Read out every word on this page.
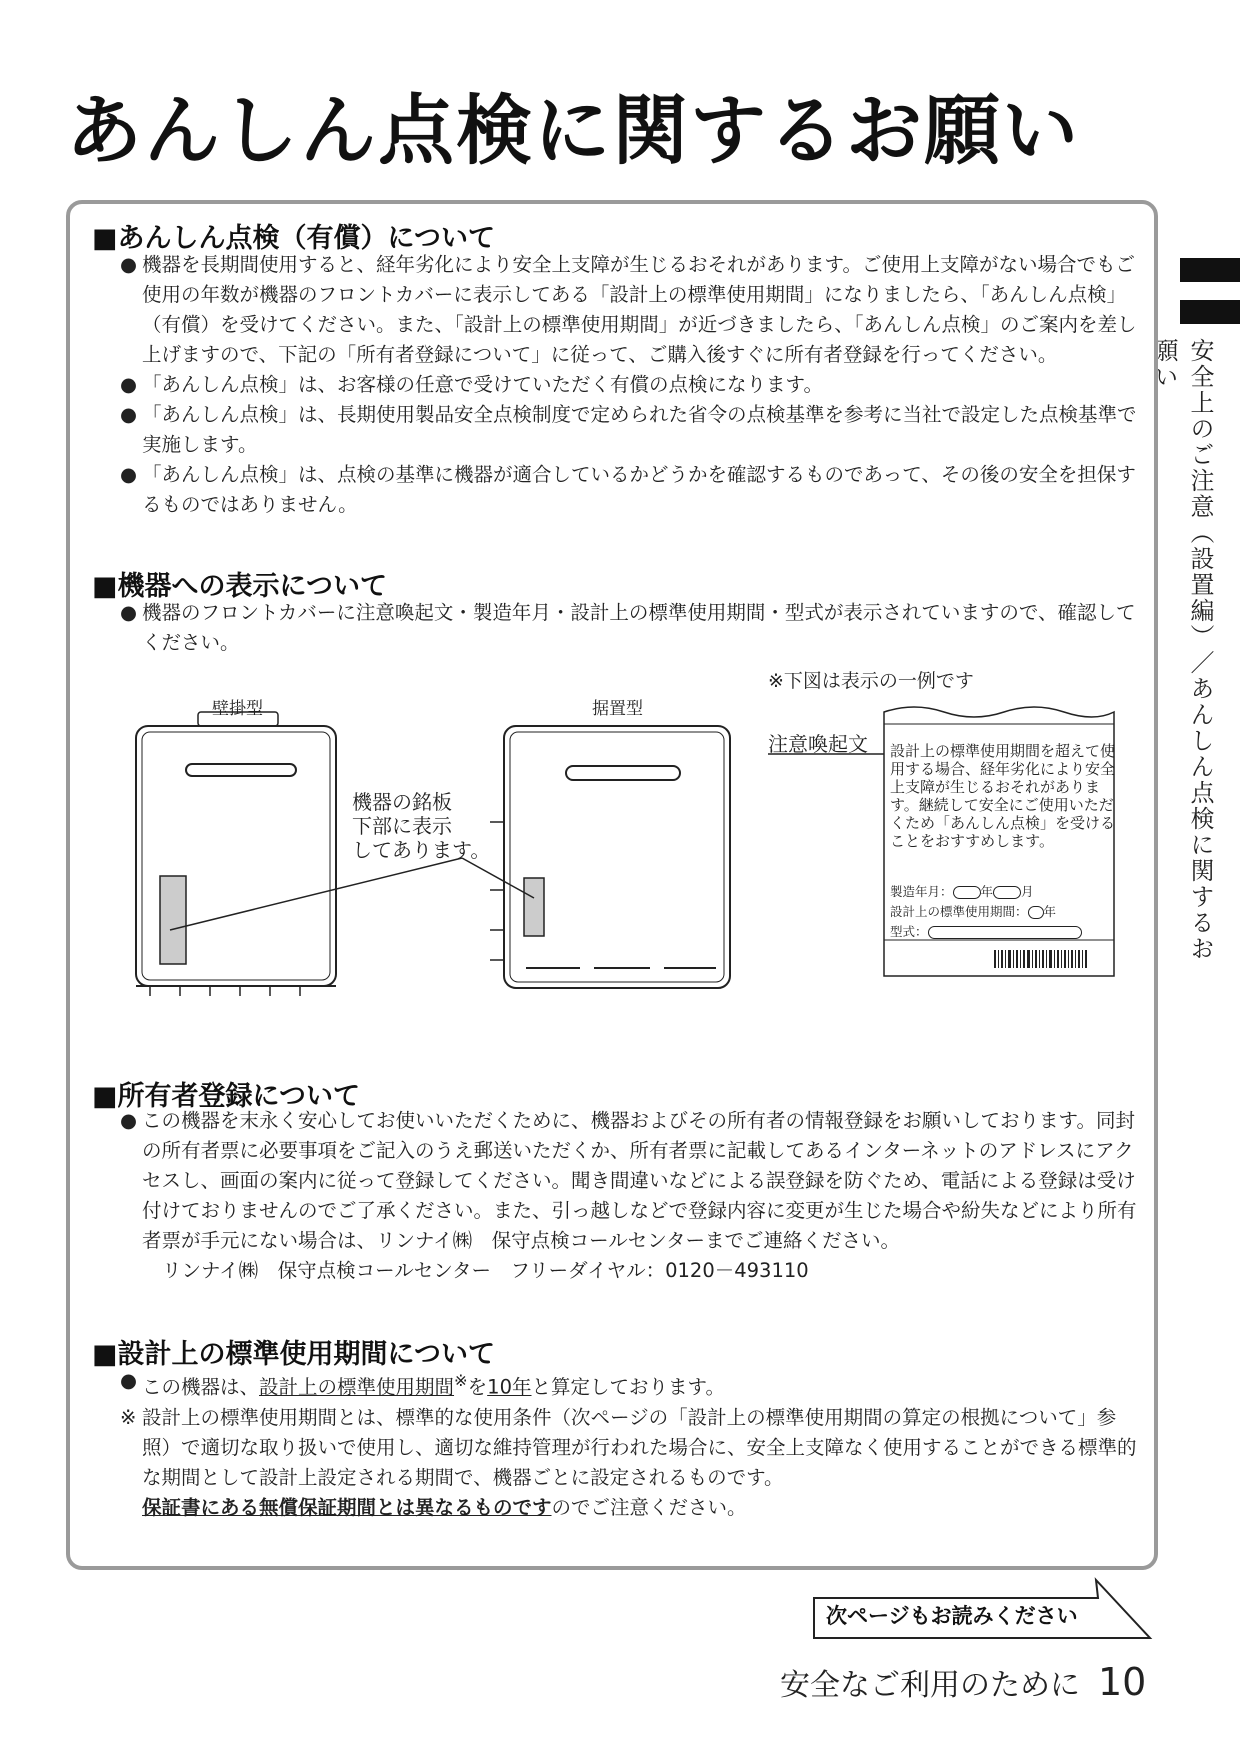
あんしん点検に関するお願い
安全上のご注意（設置編）／あんしん点検に関するお願い
■あんしん点検（有償）について
● 機器を長期間使用すると、経年劣化により安全上支障が生じるおそれがあります。ご使用上支障がない場合でもご使用の年数が機器のフロントカバーに表示してある「設計上の標準使用期間」になりましたら、「あんしん点検」（有償）を受けてください。また、「設計上の標準使用期間」が近づきましたら、「あんしん点検」のご案内を差し上げますので、下記の「所有者登録について」に従って、ご購入後すぐに所有者登録を行ってください。
● 「あんしん点検」は、お客様の任意で受けていただく有償の点検になります。
● 「あんしん点検」は、長期使用製品安全点検制度で定められた省令の点検基準を参考に当社で設定した点検基準で実施します。
● 「あんしん点検」は、点検の基準に機器が適合しているかどうかを確認するものであって、その後の安全を担保するものではありません。
■機器への表示について
● 機器のフロントカバーに注意喚起文・製造年月・設計上の標準使用期間・型式が表示されていますので、確認してください。
※下図は表示の一例です
壁掛型	据置型
機器の銘板
下部に表示
してあります。
注意喚起文 設計上の標準使用期間を超えて使用する場合、経年劣化により安全上支障が生じるおそれがあります。継続して安全にご使用いただくため「あんしん点検」を受けることをおすすめします。
製造年月： 年 月
設計上の標準使用期間： 年
型式：
■所有者登録について
● この機器を末永く安心してお使いいただくために、機器およびその所有者の情報登録をお願いしております。同封の所有者票に必要事項をご記入のうえ郵送いただくか、所有者票に記載してあるインターネットのアドレスにアクセスし、画面の案内に従って登録してください。聞き間違いなどによる誤登録を防ぐため、電話による登録は受け付けておりませんのでご了承ください。また、引っ越しなどで登録内容に変更が生じた場合や紛失などにより所有者票が手元にない場合は、リンナイ㈱　保守点検コールセンターまでご連絡ください。
リンナイ㈱　保守点検コールセンター　フリーダイヤル：0120－493110
■設計上の標準使用期間について
● この機器は、設計上の標準使用期間※を10年と算定しております。
※ 設計上の標準使用期間とは、標準的な使用条件（次ページの「設計上の標準使用期間の算定の根拠について」参照）で適切な取り扱いで使用し、適切な維持管理が行われた場合に、安全上支障なく使用することができる標準的な期間として設計上設定される期間で、機器ごとに設定されるものです。
保証書にある無償保証期間とは異なるものですのでご注意ください。
次ページもお読みください
安全なご利用のために 10
